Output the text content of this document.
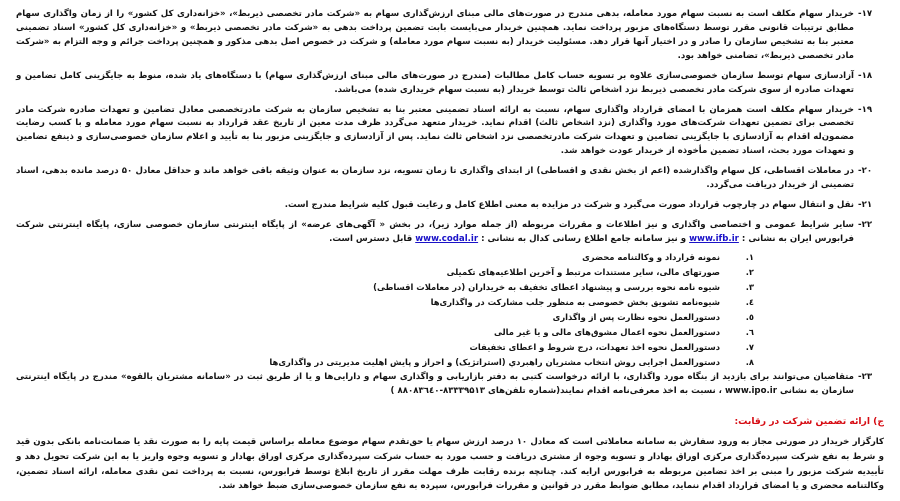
۱۷-
خریدار سهام مکلف است به نسبت سهام مورد معامله، بدهی مندرج در صورت‌های مالی مبنای ارزش‌گذاری سهام به «شرکت مادر تخصصی ذیربط»، «خزانه‌داری کل کشور» را از زمان واگذاری سهام مطابق ترتیبات قانونی مقرر توسط دستگاه‌های مزبور پرداخت نماید. همچنین خریدار می‌بایست بابت تضمین پرداخت بدهی به «شرکت مادر تخصصی ذیربط» و «خزانه‌داری کل کشور» اسناد تضمینی معتبر بنا به تشخیص سازمان را صادر و در اختیار آنها قرار دهد. مسئولیت خریدار (به نسبت سهام مورد معامله) و شرکت در خصوص اصل بدهی مذکور و همچنین پرداخت جرائم و وجه التزام به «شرکت مادر تخصصی ذیربط»، تضامنی خواهد بود.
۱۸-
آزادسازی سهام توسط سازمان خصوصی‌سازی علاوه بر تسویه حساب کامل مطالبات (مندرج در صورت‌های مالی مبنای ارزش‌گذاری سهام) با دستگاه‌های یاد شده، منوط به جایگزینی کامل تضامین و تعهدات صادره از سوی شرکت مادر تخصصی ذیربط نزد اشخاص ثالث توسط خریدار (به نسبت سهام خریداری شده) می‌باشد.
۱۹-
خریدار سهام مکلف است همزمان با امضای قرارداد واگذاری سهام، نسبت به ارائه اسناد تضمینی معتبر بنا به تشخیص سازمان به شرکت مادرتخصصی معادل تضامین و تعهدات صادره شرکت مادر تخصصی برای تضمین تعهدات شرکت‌های مورد واگذاری (نزد اشخاص ثالث) اقدام نماید. خریدار متعهد می‌گردد ظرف مدت معین از تاریخ عقد قرارداد به نسبت سهام مورد معامله و با کسب رضایت مضمون‌له اقدام به آزادسازی با جایگزینی تضامین و تعهدات شرکت مادرتخصصی نزد اشخاص ثالث نماید. پس از آزادسازی و جایگزینی مزبور بنا به تأیید و اعلام سازمان خصوصی‌سازی و ذینفع تضامین و تعهدات مورد بحث، اسناد تضمین مأخوذه از خریدار عودت خواهد شد.
۲۰-
در معاملات اقساطی، کل سهام واگذارشده (اعم از بخش نقدی و اقساطی) از ابتدای واگذاری تا زمان تسویه، نزد سازمان به عنوان وثیقه باقی خواهد ماند و حداقل معادل ۵۰ درصد مانده بدهی، اسناد تضمینی از خریدار دریافت می‌گردد.
۲۱-
نقل و انتقال سهام در چارچوب قرارداد صورت می‌گیرد و شرکت در مزایده به معنی اطلاع کامل و رعایت قبول کلیه شرایط مندرج است.
۲۲-
سایر شرایط عمومی و اختصاصی واگذاری و نیز اطلاعات و مقررات مربوطه (از جمله موارد زیر)، در بخش « آگهی‌های عرضه» از پایگاه اینترنتی سازمان خصوصی سازی، پایگاه اینترنتی شرکت فرابورس ایران به نشانی : www.ifb.ir و نیز سامانه جامع اطلاع رسانی کدال به نشانی : www.codal.ir قابل دسترس است.
۱.
نمونه قرارداد و وکالتنامه محضری
۲.
صورتهای مالی، سایر مستندات مرتبط و آخرین اطلاعیه‌های تکمیلی
۳.
شیوه نامه نحوه بررسی و پیشنهاد اعطای تخفیف به خریداران (در معاملات اقساطی)
٤.
شیوه‌نامه تشویق بخش خصوصی به منظور جلب مشارکت در واگذاری‌ها
٥.
دستورالعمل نحوه نظارت پس از واگذاری
٦.
دستورالعمل نحوه اعمال مشوق‌های مالی و یا غیر مالی
۷.
دستورالعمل نحوه اخذ تعهدات، درج شروط و اعطای تخفیفات
۸.
دستورالعمل اجرایی روش انتخاب مشتریان راهبردي (استراتژیک) و احراز و پایش اهلیت مدیریتی در واگذاری‌ها
۲۳-
متقاضیان می‌توانند برای بازدید از بنگاه مورد واگذاری، با ارائه درخواست کتبی به دفتر بازاریابی و واگذاری سهام و دارایی‌ها و یا از طریق ثبت در «سامانه مشتریان بالقوه» مندرج در پایگاه اینترنتی سازمان به نشانی www.ipo.ir ، نسبت به اخذ معرفی‌نامه اقدام نمایند(شماره تلفن‌های ۸۸۰۸۳٦٤۰-۸۳۳۳۹۵۱۳ )
ج) ارائه تضمین شرکت در رقابت:
کارگزار خریدار در صورتی مجاز به ورود سفارش به سامانه معاملاتی است که معادل ۱۰ درصد ارزش سهام یا حق‌تقدم سهام موضوع معامله براساس قیمت پایه را به صورت نقد یا ضمانت‌نامه بانکی بدون قید و شرط به نفع شرکت سپرده‌گذاری مرکزی اوراق بهادار و تسویه وجوه از مشتری دریافت و حسب مورد به حساب شرکت سپرده‌گذاری مرکزی اوراق بهادار و تسویه وجوه واریز یا به این شرکت تحویل دهد و تأییدیه شرکت مزبور را مبنی بر اخذ تضامین مربوطه به فرابورس ارایه کند. چنانچه برنده رقابت ظرف مهلت مقرر از تاریخ ابلاغ توسط فرابورس، نسبت به پرداخت ثمن نقدی معامله، ارائه اسناد تضمین، وکالتنامه محضری و یا امضای قرارداد اقدام ننماید، مطابق ضوابط مقرر در قوانین و مقررات فرابورس، سپرده به نفع سازمان خصوصی‌سازی ضبط خواهد شد.
